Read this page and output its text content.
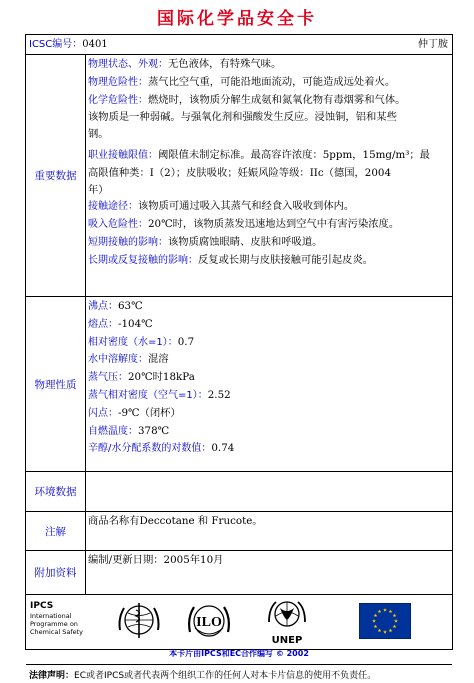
国际化学品安全卡
ICSC编号：0401	仲丁胺
重要数据
物理状态、外观：无色液体，有特殊气味。
物理危险性：蒸气比空气重，可能沿地面流动，可能造成远处着火。
化学危险性：燃烧时，该物质分解生成氨和氮氧化物有毒烟雾和气体。
该物质是一种弱碱。与强氧化剂和强酸发生反应。浸蚀铜，铝和某些
钢。
职业接触限值：阈限值未制定标准。最高容许浓度：5ppm，15mg/m³；最
高限值种类：I（2）；皮肤吸收；妊娠风险等级：IIc（德国，2004
年）
接触途径：该物质可通过吸入其蒸气和经食入吸收到体内。
吸入危险性：20℃时，该物质蒸发迅速地达到空气中有害污染浓度。
短期接触的影响：该物质腐蚀眼睛、皮肤和呼吸道。
长期或反复接触的影响：反复或长期与皮肤接触可能引起皮炎。
物理性质
沸点：63℃
熔点：-104℃
相对密度（水=1）：0.7
水中溶解度：混溶
蒸气压：20℃时18kPa
蒸气相对密度（空气=1）：2.52
闪点：-9℃（闭杯）
自燃温度：378℃
辛醇/水分配系数的对数值：0.74
环境数据
注解
商品名称有Deccotane 和 Frucote。
附加资料
编制/更新日期：2005年10月
IPCS
International
Programme on
Chemical Safety
ILO
UNEP
本卡片由IPCS和EC合作编写 © 2002
法律声明：EC或者IPCS或者代表两个组织工作的任何人对本卡片信息的使用不负责任。
